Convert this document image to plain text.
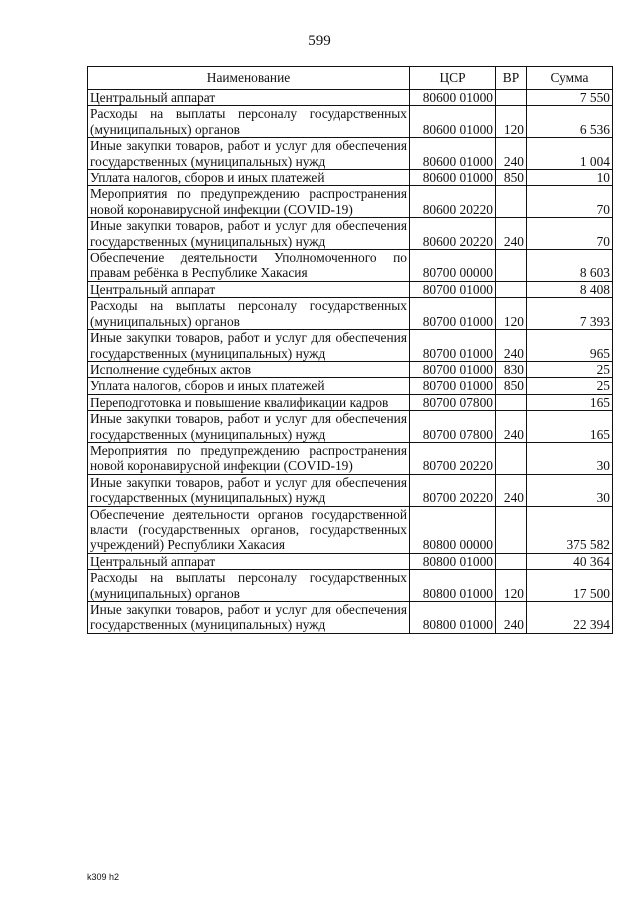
599
Наименование	ЦСР	ВР	Сумма
Центральный аппарат	80600 01000		7 550
Расходы на выплаты персоналу государственных (муниципальных) органов	80600 01000	120	6 536
Иные закупки товаров, работ и услуг для обеспечения государственных (муниципальных) нужд	80600 01000	240	1 004
Уплата налогов, сборов и иных платежей	80600 01000	850	10
Мероприятия по предупреждению распространения новой коронавирусной инфекции (COVID-19)	80600 20220		70
Иные закупки товаров, работ и услуг для обеспечения государственных (муниципальных) нужд	80600 20220	240	70
Обеспечение деятельности Уполномоченного по правам ребёнка в Республике Хакасия	80700 00000		8 603
Центральный аппарат	80700 01000		8 408
Расходы на выплаты персоналу государственных (муниципальных) органов	80700 01000	120	7 393
Иные закупки товаров, работ и услуг для обеспечения государственных (муниципальных) нужд	80700 01000	240	965
Исполнение судебных актов	80700 01000	830	25
Уплата налогов, сборов и иных платежей	80700 01000	850	25
Переподготовка и повышение квалификации кадров	80700 07800		165
Иные закупки товаров, работ и услуг для обеспечения государственных (муниципальных) нужд	80700 07800	240	165
Мероприятия по предупреждению распространения новой коронавирусной инфекции (COVID-19)	80700 20220		30
Иные закупки товаров, работ и услуг для обеспечения государственных (муниципальных) нужд	80700 20220	240	30
Обеспечение деятельности органов государственной власти (государственных органов, государственных учреждений) Республики Хакасия	80800 00000		375 582
Центральный аппарат	80800 01000		40 364
Расходы на выплаты персоналу государственных (муниципальных) органов	80800 01000	120	17 500
Иные закупки товаров, работ и услуг для обеспечения государственных (муниципальных) нужд	80800 01000	240	22 394
k309 h2
